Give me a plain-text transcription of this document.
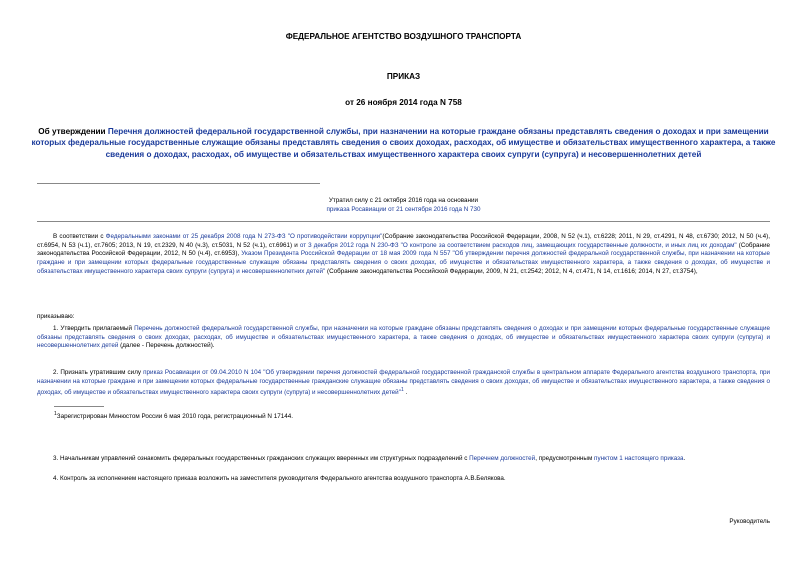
ФЕДЕРАЛЬНОЕ АГЕНТСТВО ВОЗДУШНОГО ТРАНСПОРТА
ПРИКАЗ
от 26 ноября 2014 года N 758
Об утверждении Перечня должностей федеральной государственной службы, при назначении на которые граждане обязаны представлять сведения о доходах и при замещении которых федеральные государственные служащие обязаны представлять сведения о своих доходах, расходах, об имуществе и обязательствах имущественного характера, а также сведения о доходах, расходах, об имуществе и обязательствах имущественного характера своих супруги (супруга) и несовершеннолетних детей
Утратил силу с 21 октября 2016 года на основании
приказа Росавиации от 21 сентября 2016 года N 730
В соответствии с Федеральными законами от 25 декабря 2008 года N 273-ФЗ "О противодействии коррупции"(Собрание законодательства Российской Федерации, 2008, N 52 (ч.1), ст.6228; 2011, N 29, ст.4291, N 48, ст.6730; 2012, N 50 (ч.4), ст.6954, N 53 (ч.1), ст.7605; 2013, N 19, ст.2329, N 40 (ч.3), ст.5031, N 52 (ч.1), ст.6961) и от 3 декабря 2012 года N 230-ФЗ "О контроле за соответствием расходов лиц, замещающих государственные должности, и иных лиц их доходам" (Собрание законодательства Российской Федерации, 2012, N 50 (ч.4), ст.6953), Указом Президента Российской Федерации от 18 мая 2009 года N 557 "Об утверждении перечня должностей федеральной государственной службы, при назначении на которые граждане и при замещении которых федеральные государственные служащие обязаны представлять сведения о своих доходах, об имуществе и обязательствах имущественного характера, а также сведения о доходах, об имуществе и обязательствах имущественного характера своих супруги (супруга) и несовершеннолетних детей" (Собрание законодательства Российской Федерации, 2009, N 21, ст.2542; 2012, N 4, ст.471, N 14, ст.1616; 2014, N 27, ст.3754),
приказываю:
1. Утвердить прилагаемый Перечень должностей федеральной государственной службы, при назначении на которые граждане обязаны представлять сведения о доходах и при замещении которых федеральные государственные служащие обязаны представлять сведения о своих доходах, расходах, об имуществе и обязательствах имущественного характера, а также сведения о доходах, об имуществе и обязательствах имущественного характера своих супруги (супруга) и несовершеннолетних детей (далее - Перечень должностей).
2. Признать утратившим силу приказ Росавиации от 09.04.2010 N 104 "Об утверждении перечня должностей федеральной государственной гражданской службы в центральном аппарате Федерального агентства воздушного транспорта, при назначении на которые граждане и при замещении которых федеральные государственные гражданские служащие обязаны представлять сведения о своих доходах, об имуществе и обязательствах имущественного характера, а также сведения о доходах, об имуществе и обязательствах имущественного характера своих супруги (супруга) и несовершеннолетних детей"$^1$ .
$^1$Зарегистрирован Минюстом России 6 мая 2010 года, регистрационный N 17144.
3. Начальникам управлений ознакомить федеральных государственных гражданских служащих вверенных им структурных подразделений с Перечнем должностей, предусмотренным пунктом 1 настоящего приказа.
4. Контроль за исполнением настоящего приказа возложить на заместителя руководителя Федерального агентства воздушного транспорта А.В.Белякова.
Руководитель
